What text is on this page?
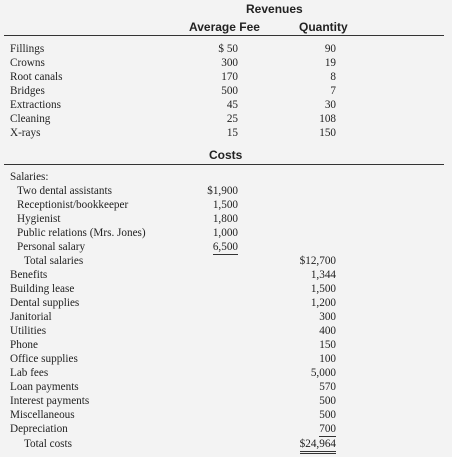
Revenues
Average Fee	Quantity
Fillings	$ 50	90
Crowns	300	19
Root canals	170	8
Bridges	500	7
Extractions	45	30
Cleaning	25	108
X-rays	15	150
Costs
Salaries:
Two dental assistants	$1,900
Receptionist/bookkeeper	1,500
Hygienist	1,800
Public relations (Mrs. Jones)	1,000
Personal salary	6,500
Total salaries	$12,700
Benefits	1,344
Building lease	1,500
Dental supplies	1,200
Janitorial	300
Utilities	400
Phone	150
Office supplies	100
Lab fees	5,000
Loan payments	570
Interest payments	500
Miscellaneous	500
Depreciation	700
Total costs	$24,964
